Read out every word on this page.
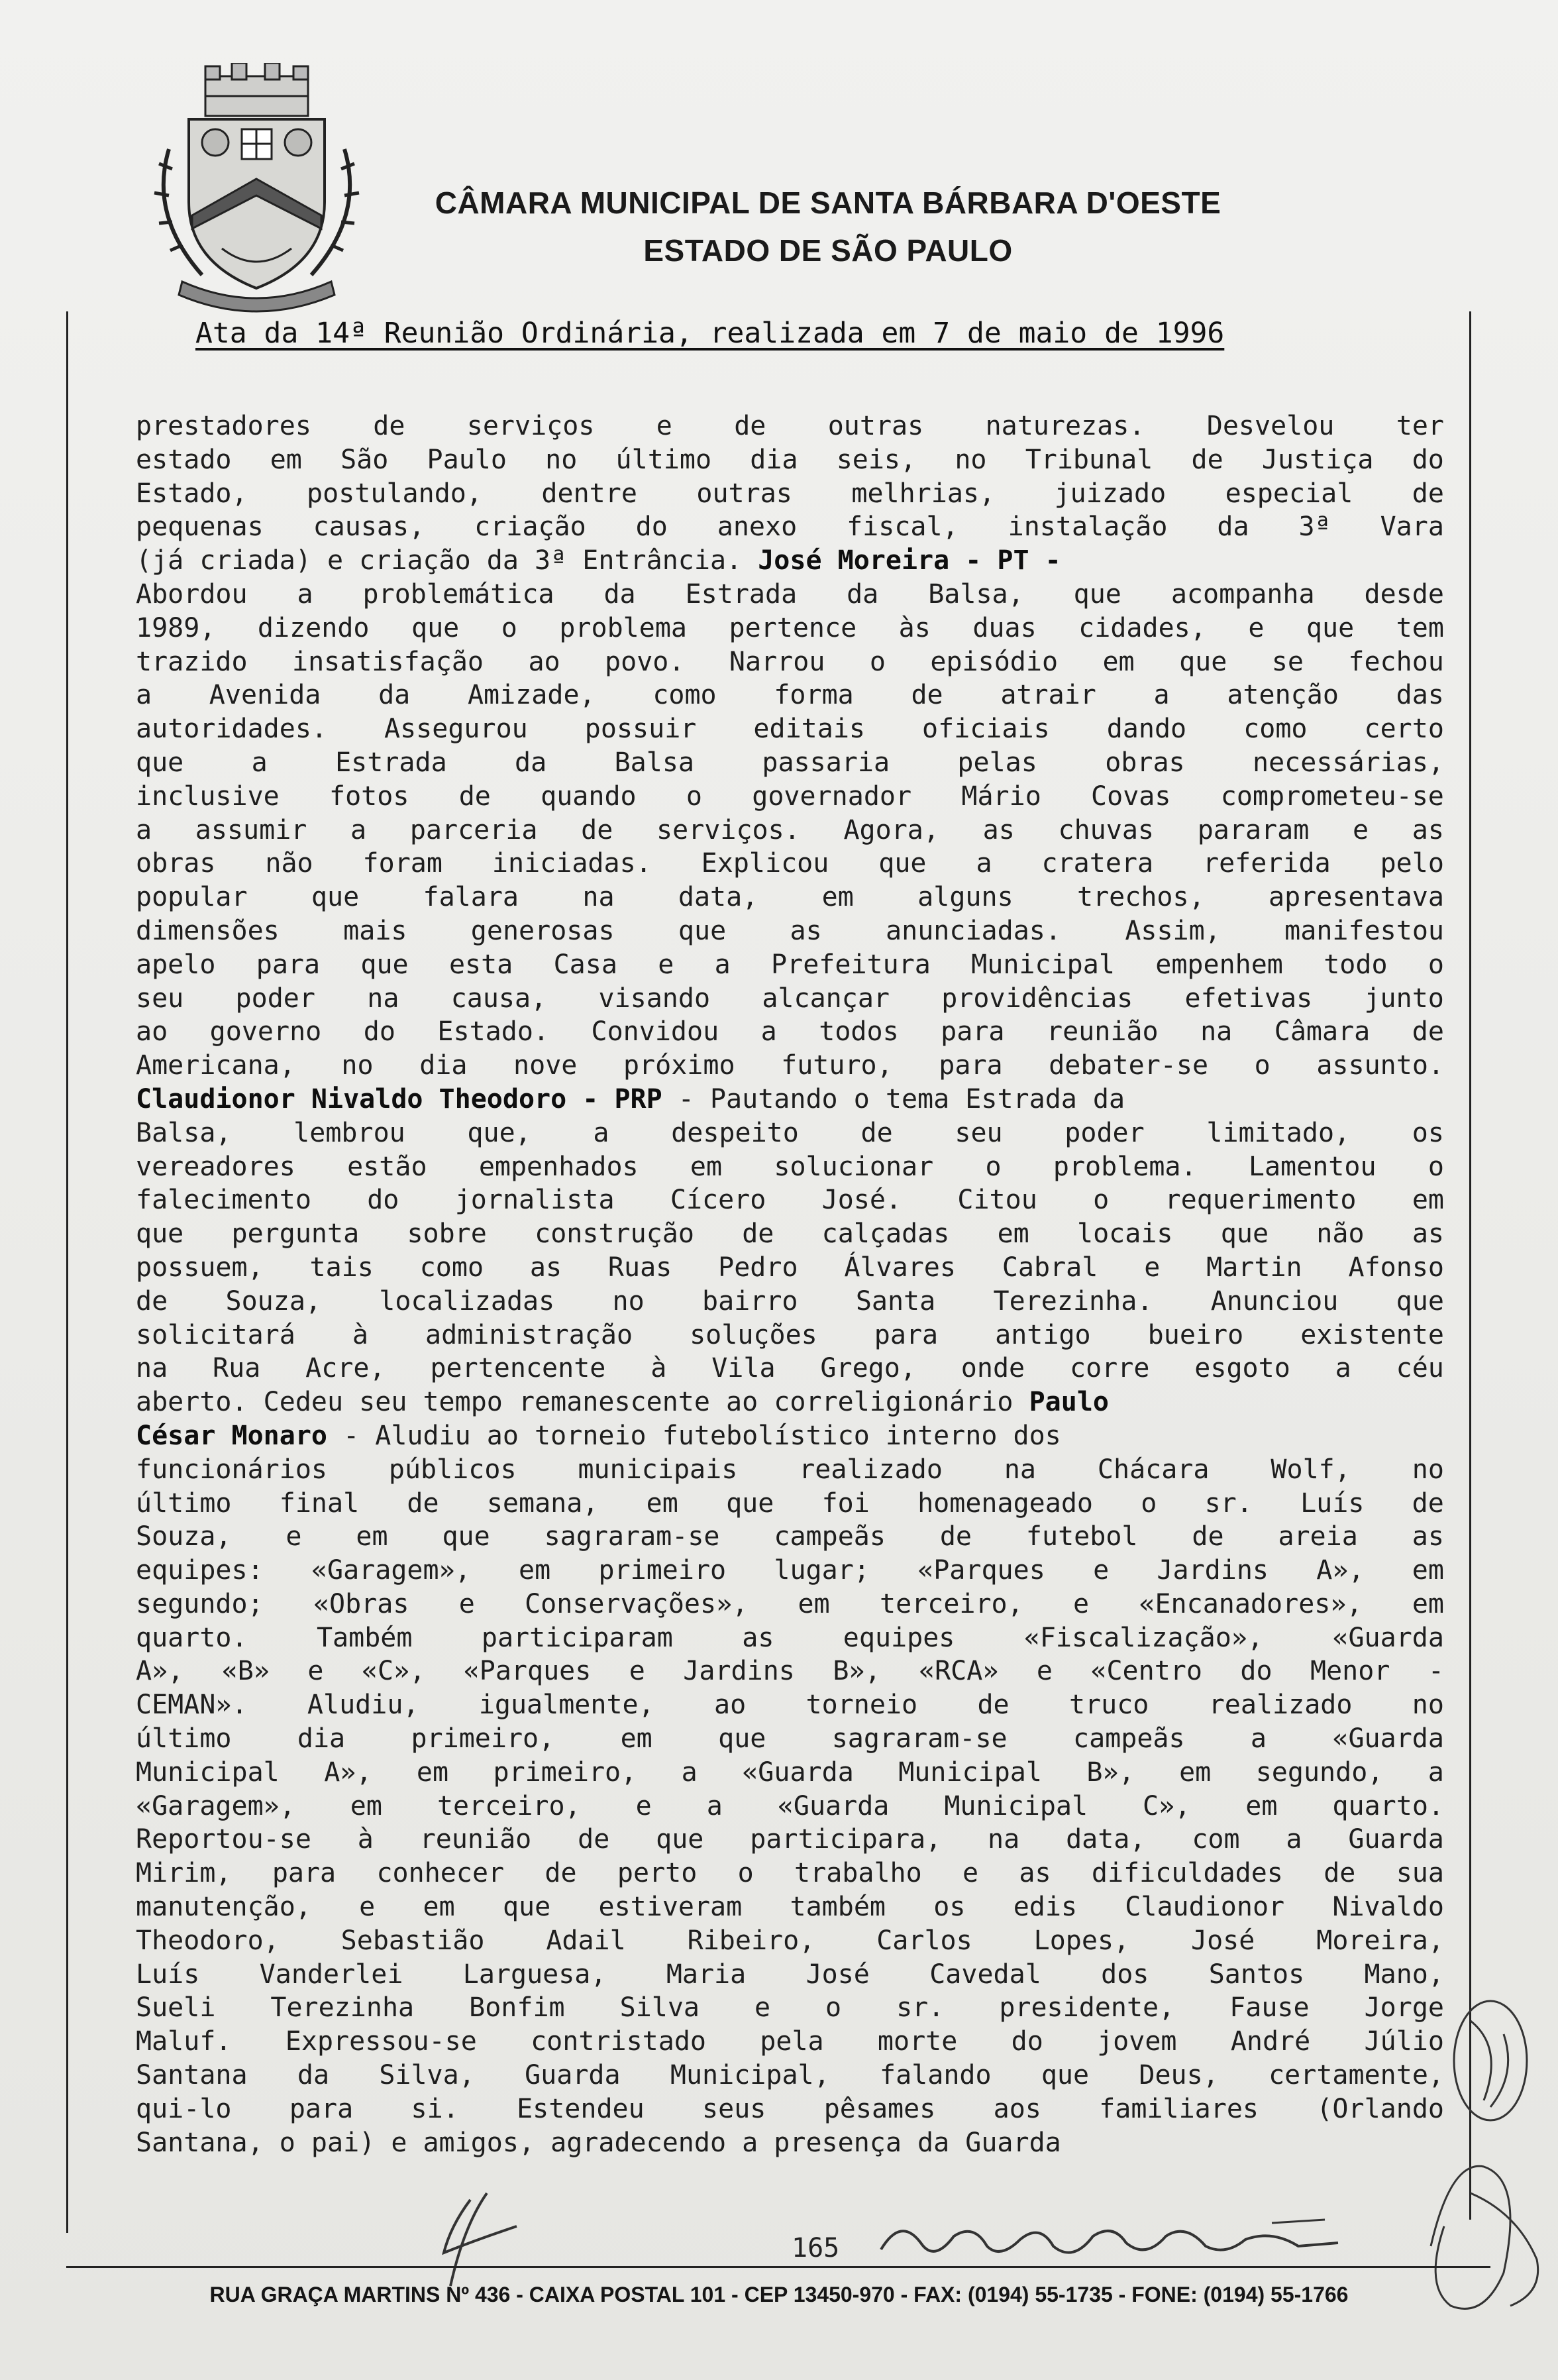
CÂMARA MUNICIPAL DE SANTA BÁRBARA D'OESTE
ESTADO DE SÃO PAULO
Ata da 14ª Reunião Ordinária, realizada em 7 de maio de 1996
prestadores de serviços e de outras naturezas. Desvelou ter
estado em São Paulo no último dia seis, no Tribunal de Justiça do
Estado, postulando, dentre outras melhrias, juizado especial de
pequenas causas, criação do anexo fiscal, instalação da 3ª Vara
(já criada) e criação da 3ª Entrância. José Moreira - PT -
Abordou a problemática da Estrada da Balsa, que acompanha desde
1989, dizendo que o problema pertence às duas cidades, e que tem
trazido insatisfação ao povo. Narrou o episódio em que se fechou
a Avenida da Amizade, como forma de atrair a atenção das
autoridades. Assegurou possuir editais oficiais dando como certo
que	a	Estrada	da	Balsa	passaria	pelas	obras	necessárias,
inclusive fotos de quando o governador Mário Covas comprometeu-se
a assumir a parceria de serviços. Agora, as chuvas pararam e as
obras não foram iniciadas. Explicou que a cratera referida pelo
popular que falara na data, em alguns trechos, apresentava
dimensões mais generosas que as anunciadas. Assim, manifestou
apelo para que esta Casa e a Prefeitura Municipal empenhem todo o
seu poder na causa, visando alcançar providências efetivas junto
ao governo do Estado. Convidou a todos para reunião na Câmara de
Americana, no dia nove próximo futuro, para debater-se o assunto.
Claudionor Nivaldo Theodoro - PRP - Pautando o tema Estrada da
Balsa, lembrou que, a despeito de seu poder limitado, os
vereadores estão empenhados em solucionar o problema. Lamentou o
falecimento do jornalista Cícero José. Citou o requerimento em
que pergunta sobre construção de calçadas em locais que não as
possuem, tais como as Ruas Pedro Álvares Cabral e Martin Afonso
de Souza, localizadas no bairro Santa Terezinha. Anunciou que
solicitará à administração soluções para antigo bueiro existente
na Rua Acre, pertencente à Vila Grego, onde corre esgoto a céu
aberto. Cedeu seu tempo remanescente ao correligionário Paulo
César Monaro - Aludiu ao torneio futebolístico interno dos
funcionários públicos municipais realizado na Chácara Wolf, no
último final de semana, em que foi homenageado o sr. Luís de
Souza, e em que sagraram-se campeãs de futebol de areia as
equipes: «Garagem», em primeiro lugar; «Parques e Jardins A», em
segundo; «Obras e Conservações», em terceiro, e «Encanadores», em
quarto.	Também	participaram	as	equipes	«Fiscalização»,	«Guarda
A», «B» e «C», «Parques e Jardins B», «RCA» e «Centro do Menor -
CEMAN». Aludiu, igualmente, ao torneio de truco realizado no
último dia primeiro, em que sagraram-se campeãs a «Guarda
Municipal A», em primeiro, a «Guarda Municipal B», em segundo, a
«Garagem», em terceiro, e a «Guarda Municipal C», em quarto.
Reportou-se à reunião de que participara, na data, com a Guarda
Mirim, para conhecer de perto o trabalho e as dificuldades de sua
manutenção, e em que estiveram também os edis Claudionor Nivaldo
Theodoro, Sebastião Adail Ribeiro, Carlos Lopes, José Moreira,
Luís Vanderlei Larguesa, Maria José Cavedal dos Santos Mano,
Sueli Terezinha Bonfim Silva e o sr. presidente, Fause Jorge
Maluf. Expressou-se contristado pela morte do jovem André Júlio
Santana da Silva, Guarda Municipal, falando que Deus, certamente,
qui-lo para si. Estendeu seus pêsames aos familiares (Orlando
Santana, o pai) e amigos, agradecendo a presença da Guarda
165
RUA GRAÇA MARTINS Nº 436 - CAIXA POSTAL 101 - CEP 13450-970 - FAX: (0194) 55-1735 - FONE: (0194) 55-1766
